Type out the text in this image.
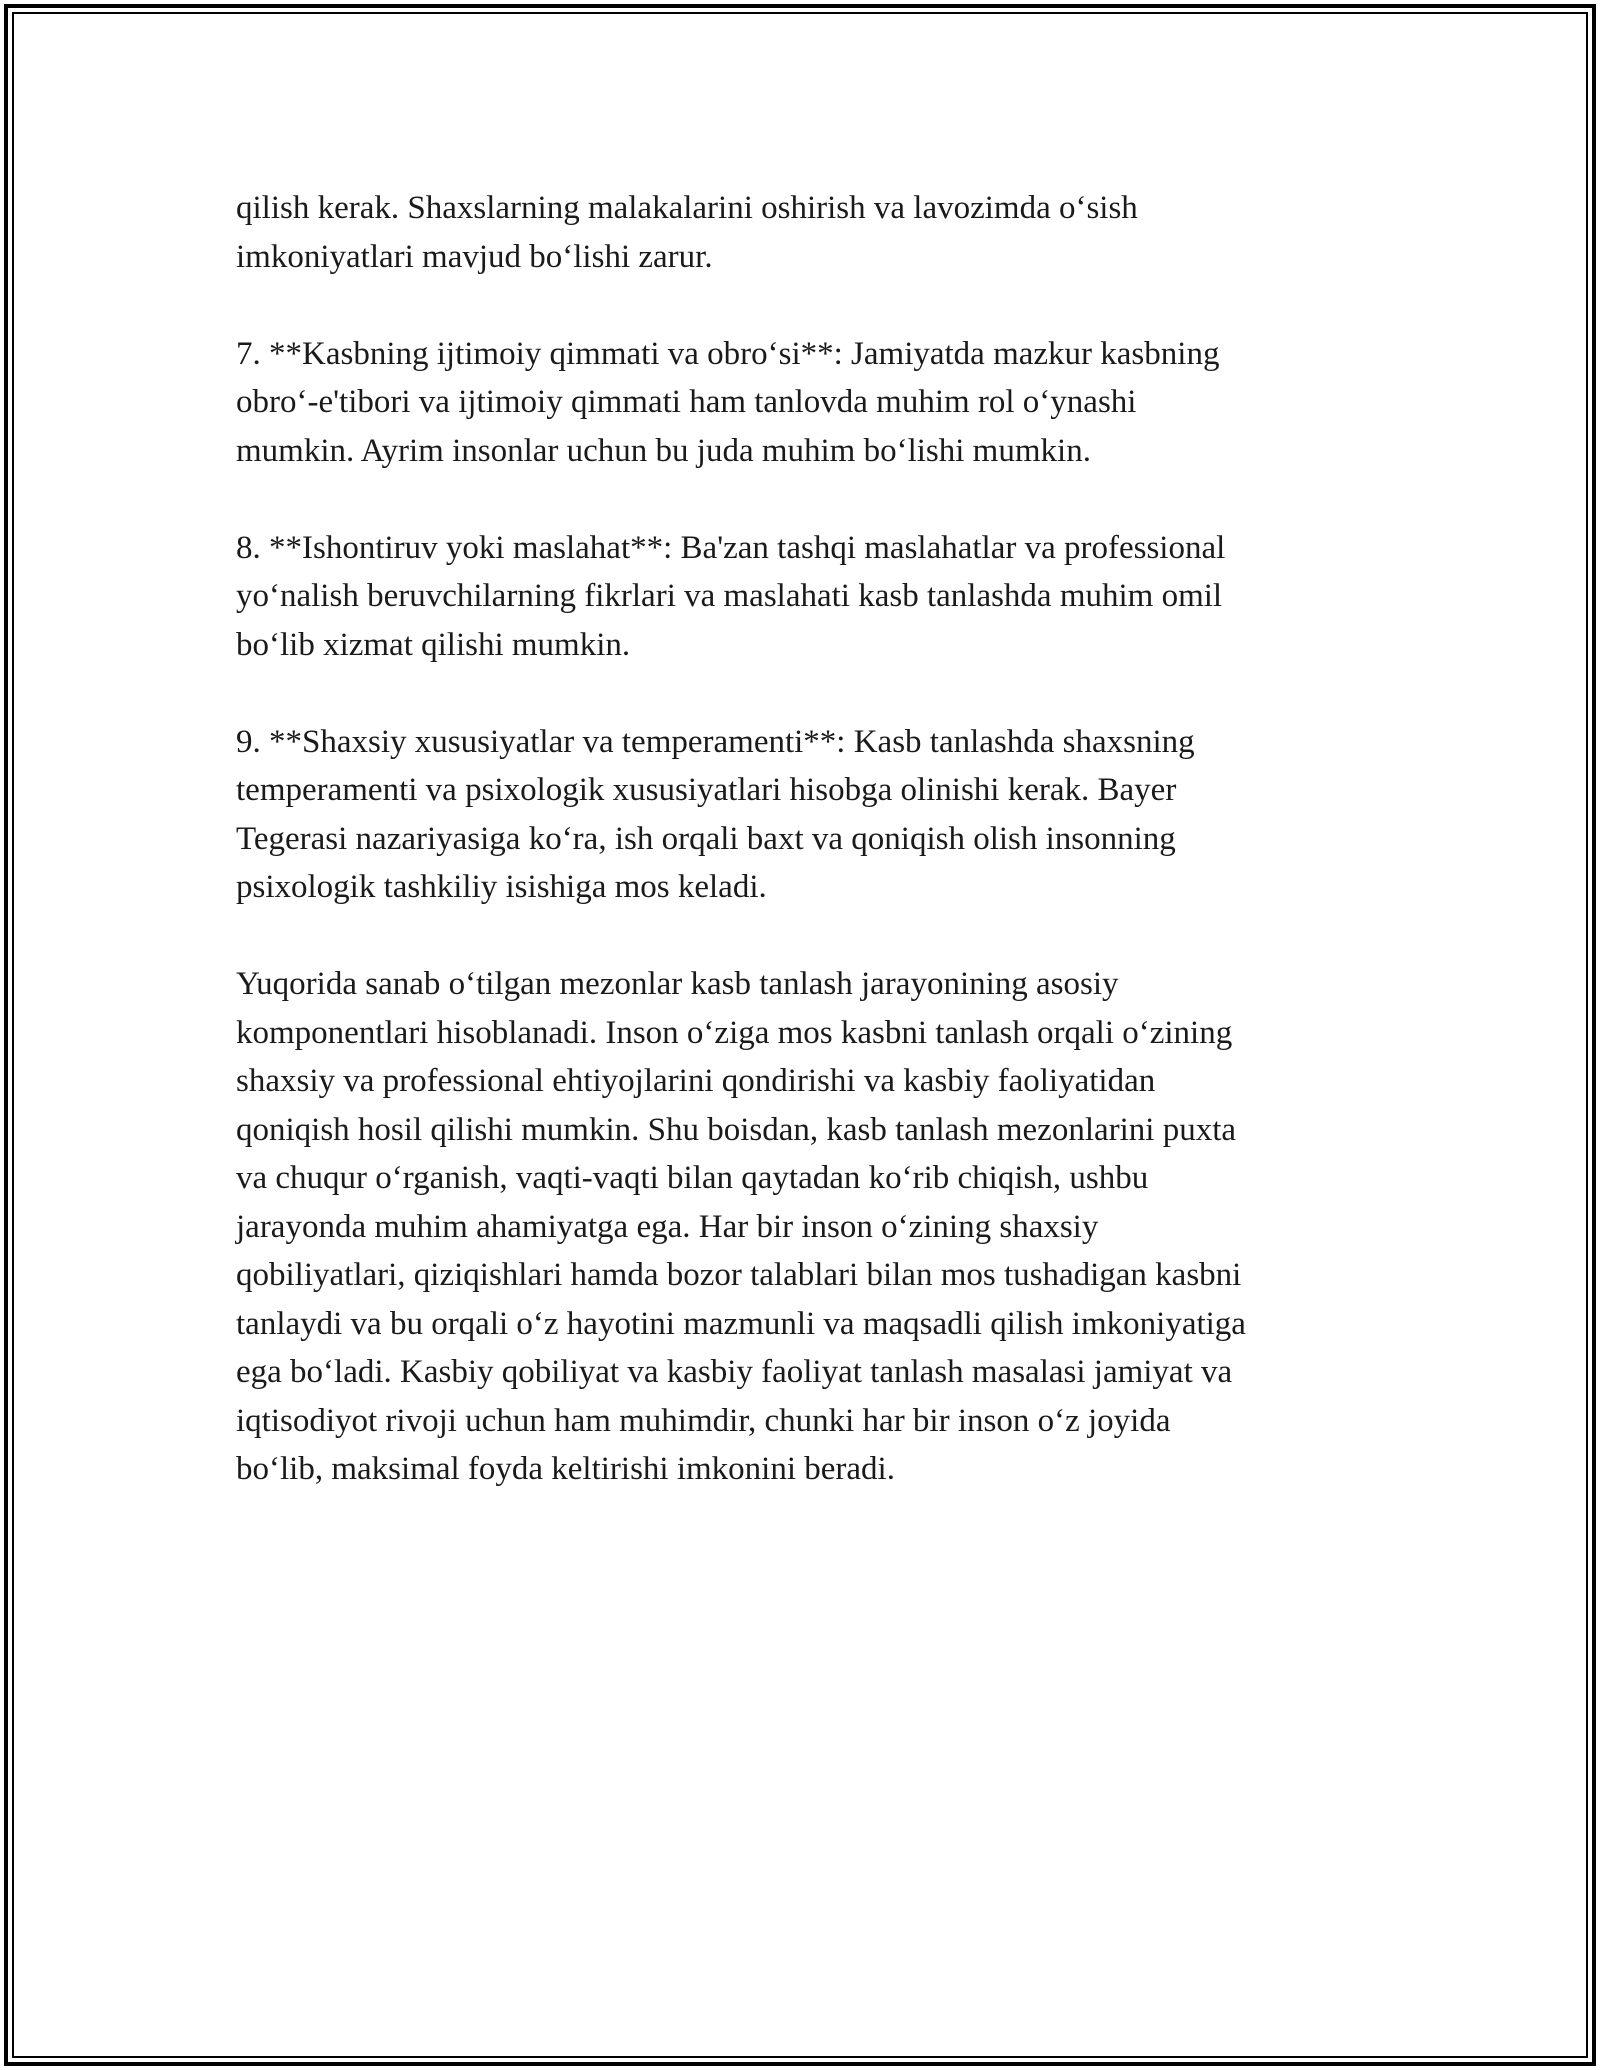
qilish kerak. Shaxslarning malakalarini oshirish va lavozimda o‘sish
imkoniyatlari mavjud bo‘lishi zarur.

7. **Kasbning ijtimoiy qimmati va obro‘si**: Jamiyatda mazkur kasbning
obro‘-e'tibori va ijtimoiy qimmati ham tanlovda muhim rol o‘ynashi
mumkin. Ayrim insonlar uchun bu juda muhim bo‘lishi mumkin.

8. **Ishontiruv yoki maslahat**: Ba'zan tashqi maslahatlar va professional
yo‘nalish beruvchilarning fikrlari va maslahati kasb tanlashda muhim omil
bo‘lib xizmat qilishi mumkin.

9. **Shaxsiy xususiyatlar va temperamenti**: Kasb tanlashda shaxsning
temperamenti va psixologik xususiyatlari hisobga olinishi kerak. Bayer
Tegerasi nazariyasiga ko‘ra, ish orqali baxt va qoniqish olish insonning
psixologik tashkiliy isishiga mos keladi.

Yuqorida sanab o‘tilgan mezonlar kasb tanlash jarayonining asosiy
komponentlari hisoblanadi. Inson o‘ziga mos kasbni tanlash orqali o‘zining
shaxsiy va professional ehtiyojlarini qondirishi va kasbiy faoliyatidan
qoniqish hosil qilishi mumkin. Shu boisdan, kasb tanlash mezonlarini puxta
va chuqur o‘rganish, vaqti-vaqti bilan qaytadan ko‘rib chiqish, ushbu
jarayonda muhim ahamiyatga ega. Har bir inson o‘zining shaxsiy
qobiliyatlari, qiziqishlari hamda bozor talablari bilan mos tushadigan kasbni
tanlaydi va bu orqali o‘z hayotini mazmunli va maqsadli qilish imkoniyatiga
ega bo‘ladi. Kasbiy qobiliyat va kasbiy faoliyat tanlash masalasi jamiyat va
iqtisodiyot rivoji uchun ham muhimdir, chunki har bir inson o‘z joyida
bo‘lib, maksimal foyda keltirishi imkonini beradi.
